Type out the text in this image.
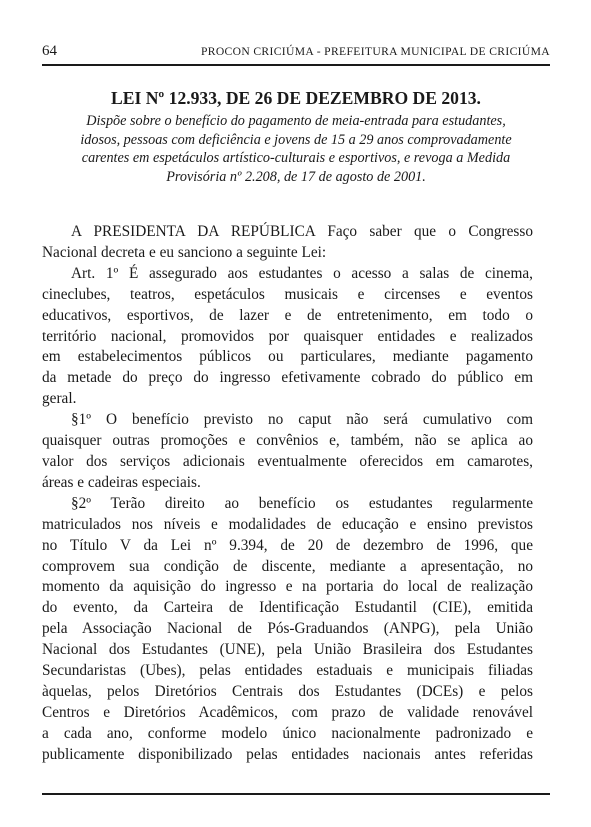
64	PROCON CRICIÚMA - PREFEITURA MUNICIPAL DE CRICIÚMA
LEI Nº 12.933, DE 26 DE DEZEMBRO DE 2013.
Dispõe sobre o benefício do pagamento de meia-entrada para estudantes,
idosos, pessoas com deficiência e jovens de 15 a 29 anos comprovadamente
carentes em espetáculos artístico-culturais e esportivos, e revoga a Medida
Provisória nº 2.208, de 17 de agosto de 2001.
A PRESIDENTA DA REPÚBLICA Faço saber que o Congresso
Nacional decreta e eu sanciono a seguinte Lei:
Art. 1º É assegurado aos estudantes o acesso a salas de cinema,
cineclubes, teatros, espetáculos musicais e circenses e eventos
educativos, esportivos, de lazer e de entretenimento, em todo o
território nacional, promovidos por quaisquer entidades e realizados
em estabelecimentos públicos ou particulares, mediante pagamento
da metade do preço do ingresso efetivamente cobrado do público em
geral.
§1º O benefício previsto no caput não será cumulativo com
quaisquer outras promoções e convênios e, também, não se aplica ao
valor dos serviços adicionais eventualmente oferecidos em camarotes,
áreas e cadeiras especiais.
§2º Terão direito ao benefício os estudantes regularmente
matriculados nos níveis e modalidades de educação e ensino previstos
no Título V da Lei nº 9.394, de 20 de dezembro de 1996, que
comprovem sua condição de discente, mediante a apresentação, no
momento da aquisição do ingresso e na portaria do local de realização
do evento, da Carteira de Identificação Estudantil (CIE), emitida
pela Associação Nacional de Pós-Graduandos (ANPG), pela União
Nacional dos Estudantes (UNE), pela União Brasileira dos Estudantes
Secundaristas (Ubes), pelas entidades estaduais e municipais filiadas
àquelas, pelos Diretórios Centrais dos Estudantes (DCEs) e pelos
Centros e Diretórios Acadêmicos, com prazo de validade renovável
a cada ano, conforme modelo único nacionalmente padronizado e
publicamente disponibilizado pelas entidades nacionais antes referidas
